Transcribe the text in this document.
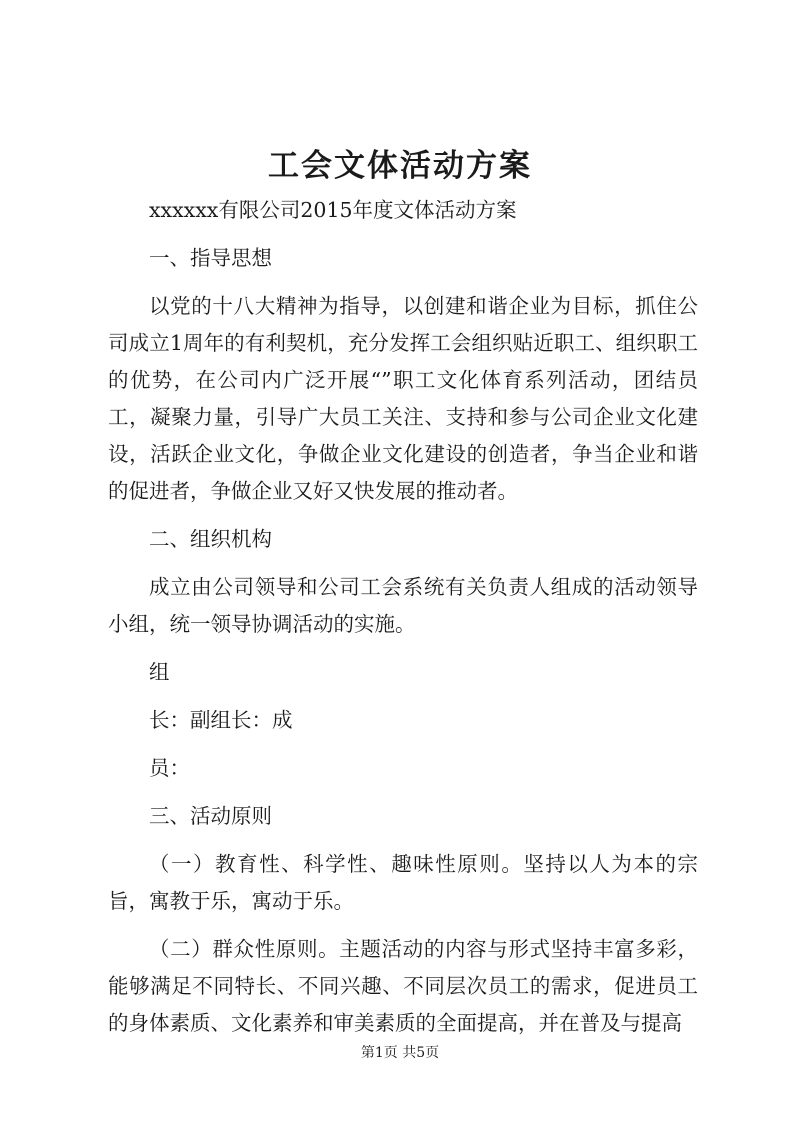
工会文体活动方案

xxxxxx有限公司2015年度文体活动方案

一、指导思想

以党的十八大精神为指导，以创建和谐企业为目标，抓住公司成立1周年的有利契机，充分发挥工会组织贴近职工、组织职工的优势，在公司内广泛开展“”职工文化体育系列活动，团结员工，凝聚力量，引导广大员工关注、支持和参与公司企业文化建设，活跃企业文化，争做企业文化建设的创造者，争当企业和谐的促进者，争做企业又好又快发展的推动者。

二、组织机构

成立由公司领导和公司工会系统有关负责人组成的活动领导小组，统一领导协调活动的实施。

组

长：副组长：成

员：

三、活动原则

（一）教育性、科学性、趣味性原则。坚持以人为本的宗旨，寓教于乐，寓动于乐。

（二）群众性原则。主题活动的内容与形式坚持丰富多彩，能够满足不同特长、不同兴趣、不同层次员工的需求，促进员工的身体素质、文化素养和审美素质的全面提高，并在普及与提高

第1页 共5页
